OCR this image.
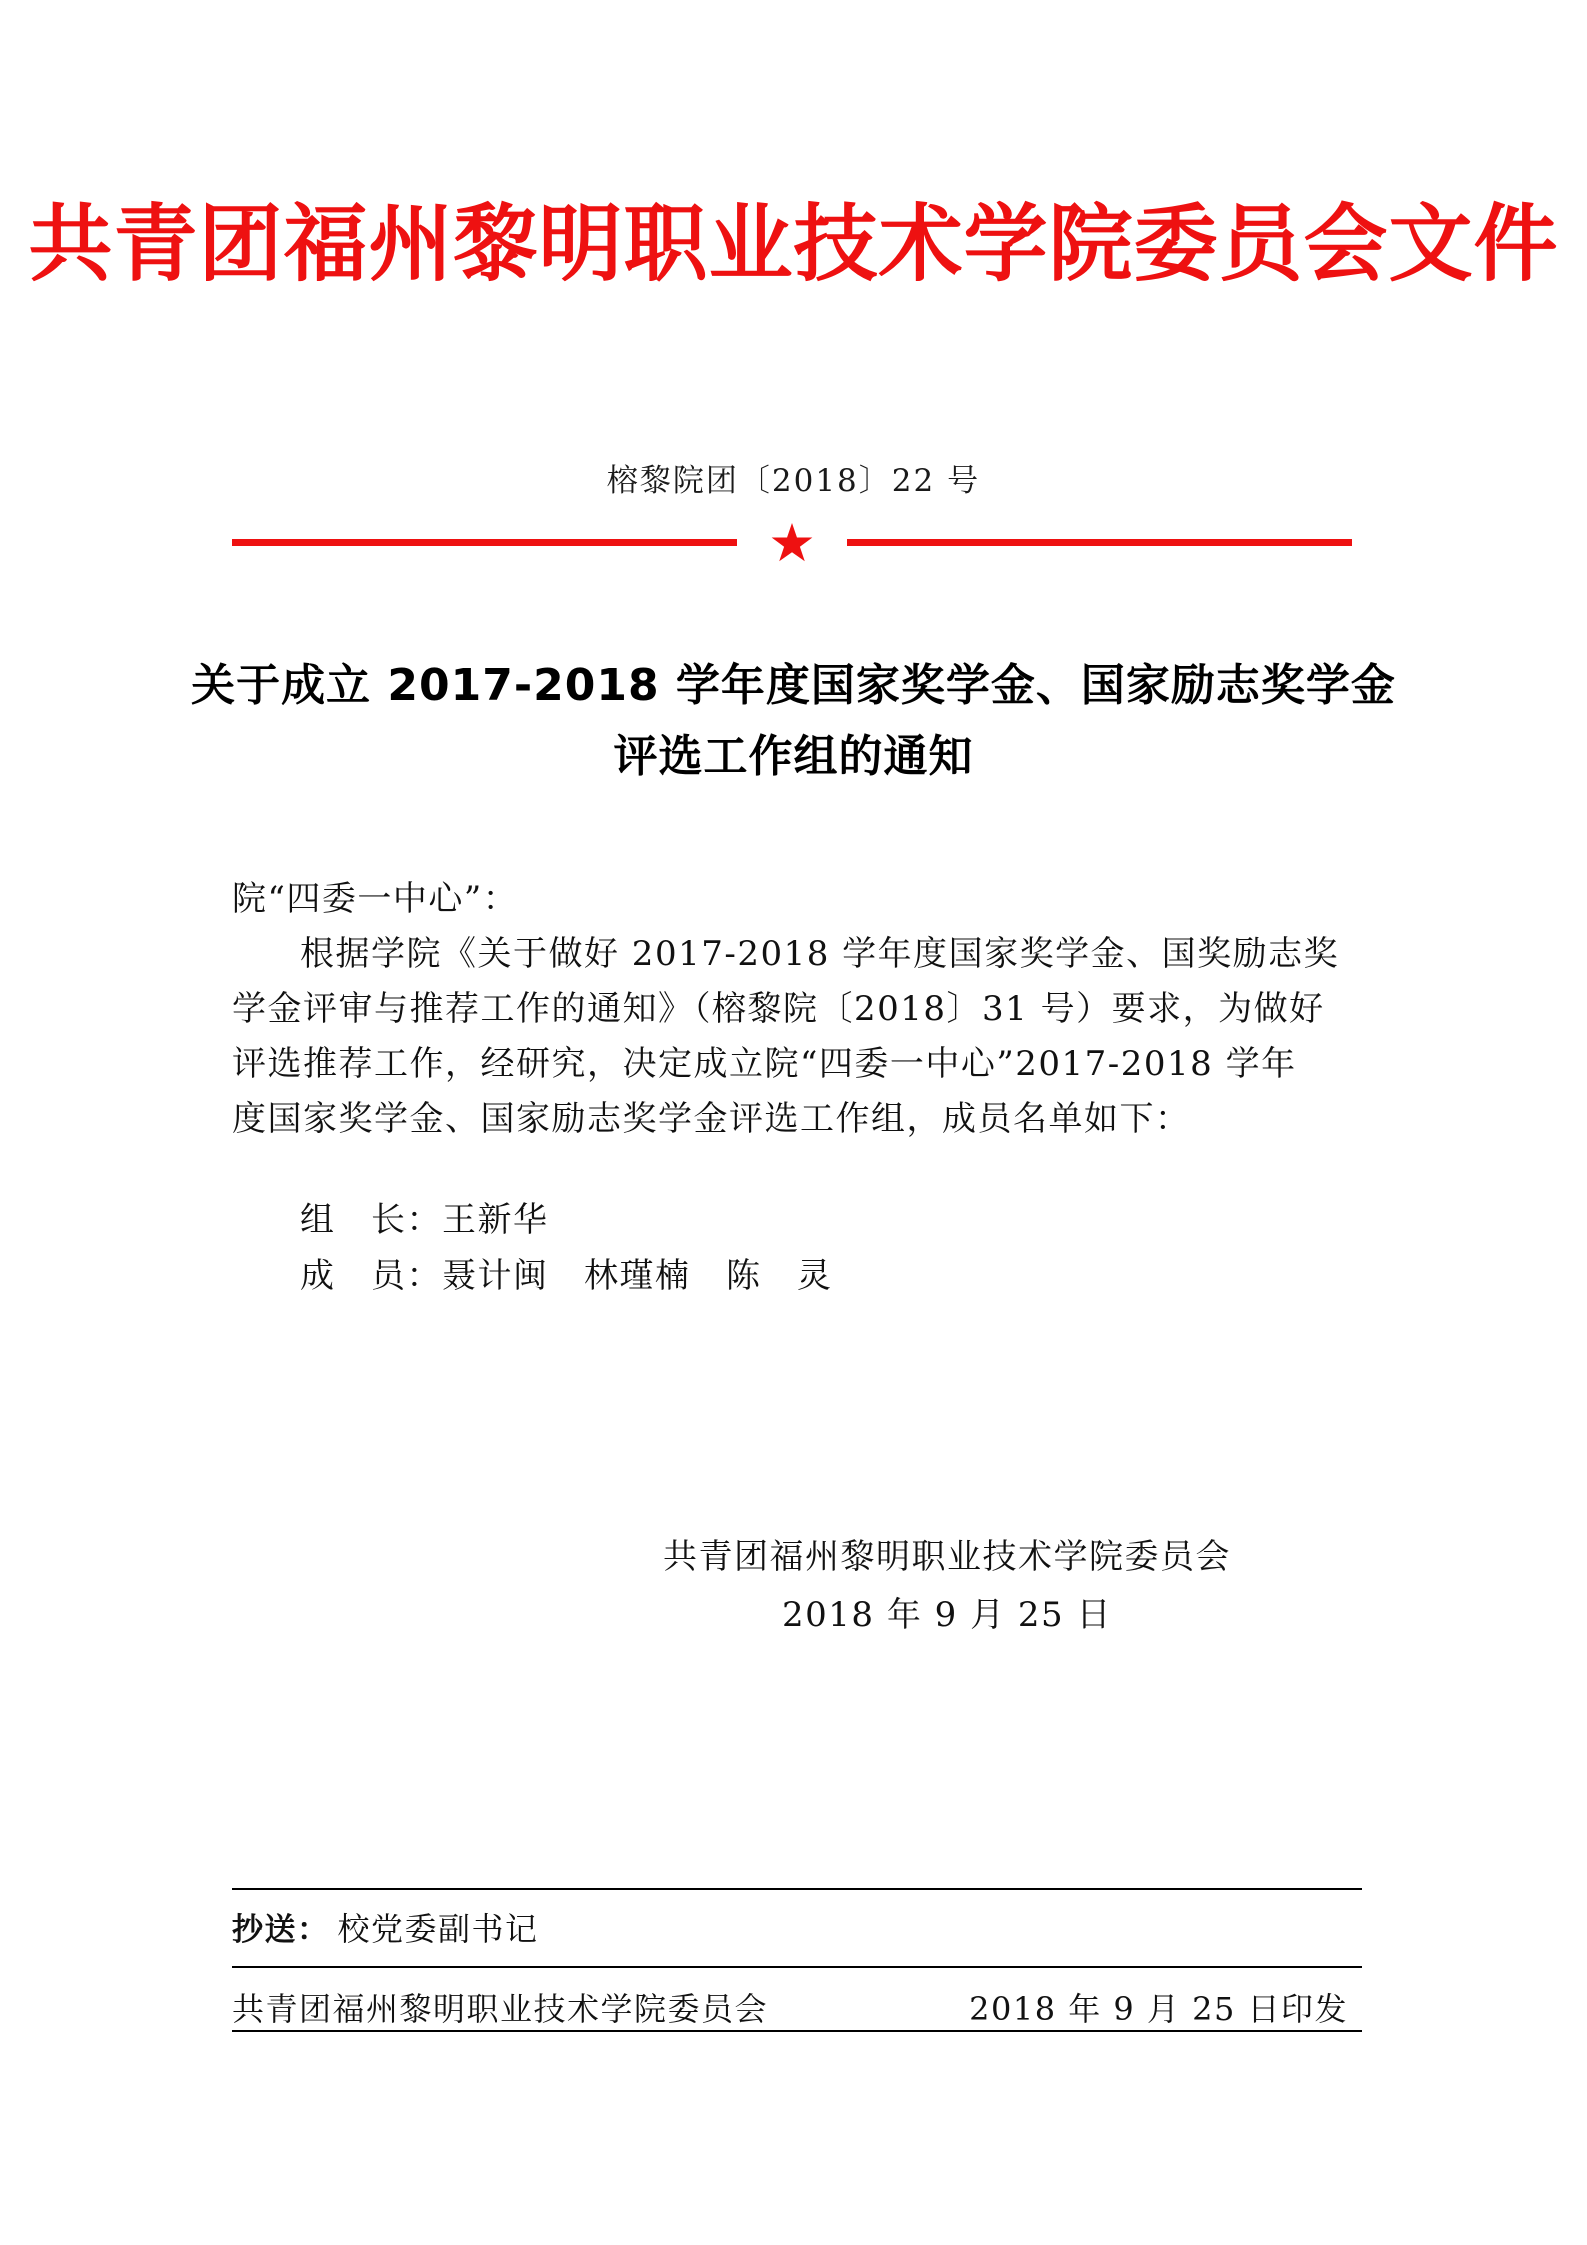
共青团福州黎明职业技术学院委员会文件
榕黎院团〔2018〕22 号
关于成立 2017-2018 学年度国家奖学金、国家励志奖学金
评选工作组的通知
院“四委一中心”：
根据学院《关于做好 2017-2018 学年度国家奖学金、国奖励志奖
学金评审与推荐工作的通知》（榕黎院〔2018〕31 号）要求，为做好
评选推荐工作，经研究，决定成立院“四委一中心”2017-2018 学年
度国家奖学金、国家励志奖学金评选工作组，成员名单如下：
组　长：王新华
成　员：聂计闽　林瑾楠　陈　灵
共青团福州黎明职业技术学院委员会
2018 年 9 月 25 日
抄送： 校党委副书记
共青团福州黎明职业技术学院委员会	2018 年 9 月 25 日印发
